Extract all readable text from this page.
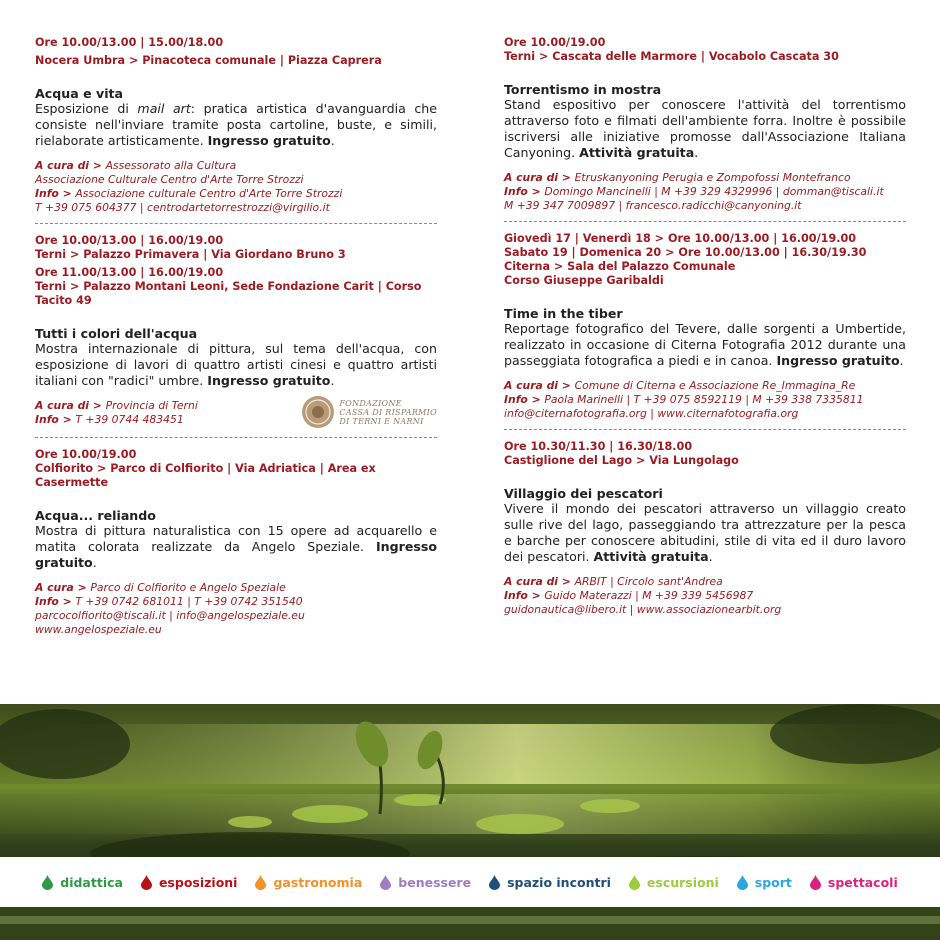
Ore 10.00/13.00 | 15.00/18.00
Nocera Umbra > Pinacoteca comunale | Piazza Caprera
Acqua e vita
Esposizione di mail art: pratica artistica d'avanguardia che consiste nell'inviare tramite posta cartoline, buste, e simili, rielaborate artisticamente. Ingresso gratuito.
A cura di > Assessorato alla Cultura
Associazione Culturale Centro d'Arte Torre Strozzi
Info > Associazione culturale Centro d'Arte Torre Strozzi
T +39 075 604377 | centrodartetorrestrozzi@virgilio.it
Ore 10.00/13.00 | 16.00/19.00
Terni > Palazzo Primavera | Via Giordano Bruno 3
Ore 11.00/13.00 | 16.00/19.00
Terni > Palazzo Montani Leoni, Sede Fondazione Carit | Corso Tacito 49
Tutti i colori dell'acqua
Mostra internazionale di pittura, sul tema dell'acqua, con esposizione di lavori di quattro artisti cinesi e quattro artisti italiani con "radici" umbre. Ingresso gratuito.
A cura di > Provincia di Terni
Info > T +39 0744 483451
FONDAZIONE
CASSA DI RISPARMIO
DI TERNI E NARNI
Ore 10.00/19.00
Colfiorito > Parco di Colfiorito | Via Adriatica | Area ex Casermette
Acqua... reliando
Mostra di pittura naturalistica con 15 opere ad acquarello e matita colorata realizzate da Angelo Speziale. Ingresso gratuito.
A cura > Parco di Colfiorito e Angelo Speziale
Info > T +39 0742 681011 | T +39 0742 351540
parcocolfiorito@tiscali.it | info@angelospeziale.eu
www.angelospeziale.eu
Ore 10.00/19.00
Terni > Cascata delle Marmore | Vocabolo Cascata 30
Torrentismo in mostra
Stand espositivo per conoscere l'attività del torrentismo attraverso foto e filmati dell'ambiente forra. Inoltre è possibile iscriversi alle iniziative promosse dall'Associazione Italiana Canyoning. Attività gratuita.
A cura di > Etruskanyoning Perugia e Zompofossi Montefranco
Info > Domingo Mancinelli | M +39 329 4329996 | domman@tiscali.it
M +39 347 7009897 | francesco.radicchi@canyoning.it
Giovedì 17 | Venerdì 18 > Ore 10.00/13.00 | 16.00/19.00
Sabato 19 | Domenica 20 > Ore 10.00/13.00 | 16.30/19.30
Citerna > Sala del Palazzo Comunale
Corso Giuseppe Garibaldi
Time in the tiber
Reportage fotografico del Tevere, dalle sorgenti a Umbertide, realizzato in occasione di Citerna Fotografia 2012 durante una passeggiata fotografica a piedi e in canoa. Ingresso gratuito.
A cura di > Comune di Citerna e Associazione Re_Immagina_Re
Info > Paola Marinelli | T +39 075 8592119 | M +39 338 7335811
info@citernafotografia.org | www.citernafotografia.org
Ore 10.30/11.30 | 16.30/18.00
Castiglione del Lago > Via Lungolago
Villaggio dei pescatori
Vivere il mondo dei pescatori attraverso un villaggio creato sulle rive del lago, passeggiando tra attrezzature per la pesca e barche per conoscere abitudini, stile di vita ed il duro lavoro dei pescatori. Attività gratuita.
A cura di > ARBIT | Circolo sant'Andrea
Info > Guido Materazzi | M +39 339 5456987
guidonautica@libero.it | www.associazionearbit.org
didattica	esposizioni	gastronomia	benessere	spazio incontri	escursioni	sport	spettacoli
